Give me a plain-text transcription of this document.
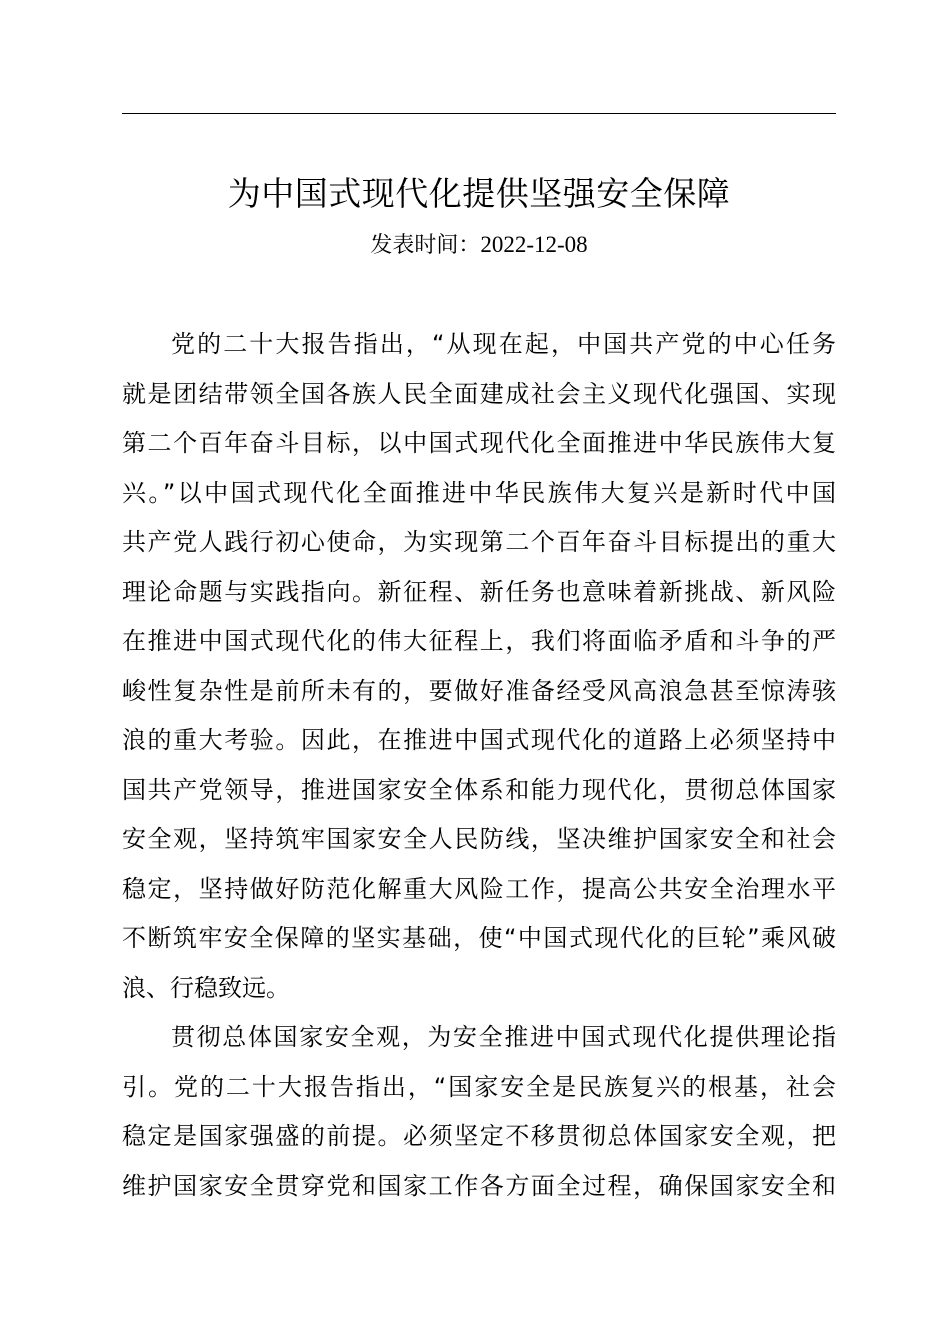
为中国式现代化提供坚强安全保障
发表时间：2022-12-08
党的二十大报告指出，“从现在起，中国共产党的中心任务
就是团结带领全国各族人民全面建成社会主义现代化强国、实现
第二个百年奋斗目标，以中国式现代化全面推进中华民族伟大复
兴。”以中国式现代化全面推进中华民族伟大复兴是新时代中国
共产党人践行初心使命，为实现第二个百年奋斗目标提出的重大
理论命题与实践指向。新征程、新任务也意味着新挑战、新风险
在推进中国式现代化的伟大征程上，我们将面临矛盾和斗争的严
峻性复杂性是前所未有的，要做好准备经受风高浪急甚至惊涛骇
浪的重大考验。因此，在推进中国式现代化的道路上必须坚持中
国共产党领导，推进国家安全体系和能力现代化，贯彻总体国家
安全观，坚持筑牢国家安全人民防线，坚决维护国家安全和社会
稳定，坚持做好防范化解重大风险工作，提高公共安全治理水平
不断筑牢安全保障的坚实基础，使“中国式现代化的巨轮”乘风破
浪、行稳致远。
贯彻总体国家安全观，为安全推进中国式现代化提供理论指
引。党的二十大报告指出，“国家安全是民族复兴的根基，社会
稳定是国家强盛的前提。必须坚定不移贯彻总体国家安全观，把
维护国家安全贯穿党和国家工作各方面全过程，确保国家安全和
